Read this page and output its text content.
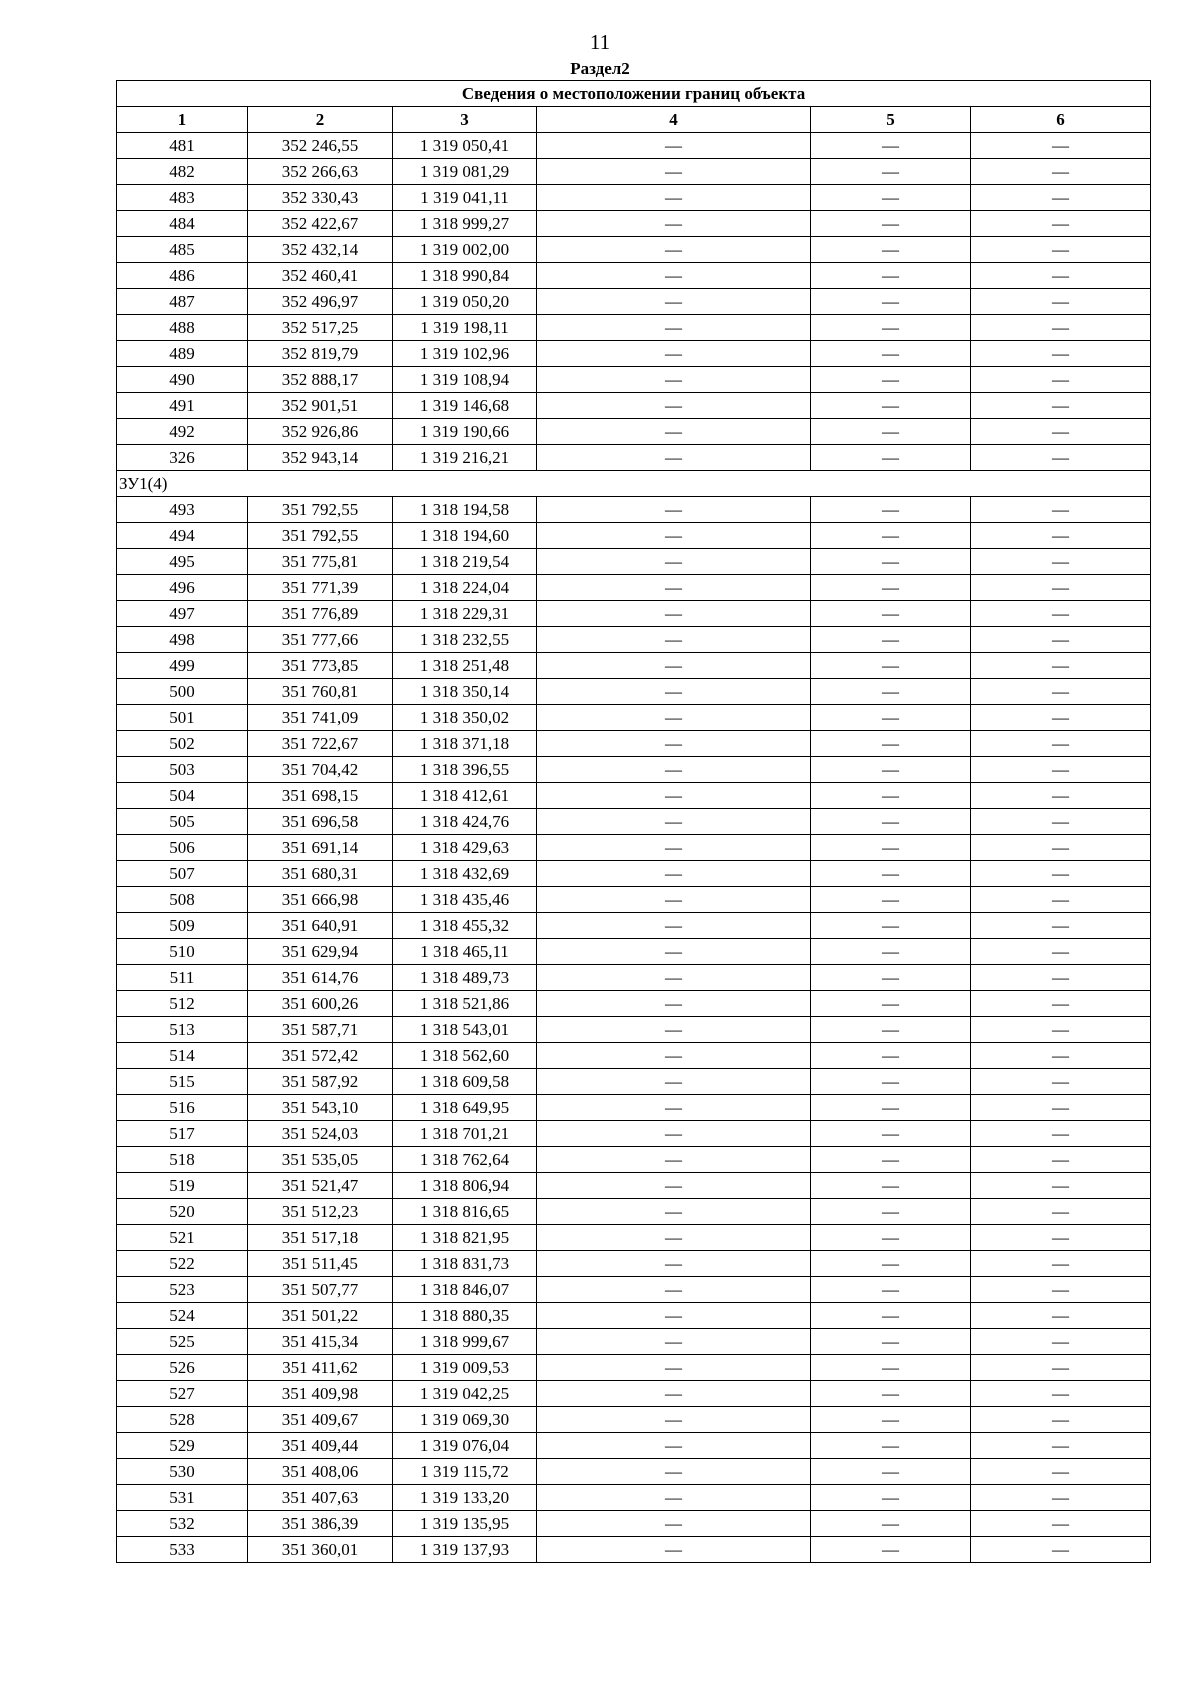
11
Раздел2
Сведения о местоположении границ объекта					
1	2	3	4	5	6
481	352 246,55	1 319 050,41	—	—	—
482	352 266,63	1 319 081,29	—	—	—
483	352 330,43	1 319 041,11	—	—	—
484	352 422,67	1 318 999,27	—	—	—
485	352 432,14	1 319 002,00	—	—	—
486	352 460,41	1 318 990,84	—	—	—
487	352 496,97	1 319 050,20	—	—	—
488	352 517,25	1 319 198,11	—	—	—
489	352 819,79	1 319 102,96	—	—	—
490	352 888,17	1 319 108,94	—	—	—
491	352 901,51	1 319 146,68	—	—	—
492	352 926,86	1 319 190,66	—	—	—
326	352 943,14	1 319 216,21	—	—	—
ЗУ1(4)					
493	351 792,55	1 318 194,58	—	—	—
494	351 792,55	1 318 194,60	—	—	—
495	351 775,81	1 318 219,54	—	—	—
496	351 771,39	1 318 224,04	—	—	—
497	351 776,89	1 318 229,31	—	—	—
498	351 777,66	1 318 232,55	—	—	—
499	351 773,85	1 318 251,48	—	—	—
500	351 760,81	1 318 350,14	—	—	—
501	351 741,09	1 318 350,02	—	—	—
502	351 722,67	1 318 371,18	—	—	—
503	351 704,42	1 318 396,55	—	—	—
504	351 698,15	1 318 412,61	—	—	—
505	351 696,58	1 318 424,76	—	—	—
506	351 691,14	1 318 429,63	—	—	—
507	351 680,31	1 318 432,69	—	—	—
508	351 666,98	1 318 435,46	—	—	—
509	351 640,91	1 318 455,32	—	—	—
510	351 629,94	1 318 465,11	—	—	—
511	351 614,76	1 318 489,73	—	—	—
512	351 600,26	1 318 521,86	—	—	—
513	351 587,71	1 318 543,01	—	—	—
514	351 572,42	1 318 562,60	—	—	—
515	351 587,92	1 318 609,58	—	—	—
516	351 543,10	1 318 649,95	—	—	—
517	351 524,03	1 318 701,21	—	—	—
518	351 535,05	1 318 762,64	—	—	—
519	351 521,47	1 318 806,94	—	—	—
520	351 512,23	1 318 816,65	—	—	—
521	351 517,18	1 318 821,95	—	—	—
522	351 511,45	1 318 831,73	—	—	—
523	351 507,77	1 318 846,07	—	—	—
524	351 501,22	1 318 880,35	—	—	—
525	351 415,34	1 318 999,67	—	—	—
526	351 411,62	1 319 009,53	—	—	—
527	351 409,98	1 319 042,25	—	—	—
528	351 409,67	1 319 069,30	—	—	—
529	351 409,44	1 319 076,04	—	—	—
530	351 408,06	1 319 115,72	—	—	—
531	351 407,63	1 319 133,20	—	—	—
532	351 386,39	1 319 135,95	—	—	—
533	351 360,01	1 319 137,93	—	—	—
